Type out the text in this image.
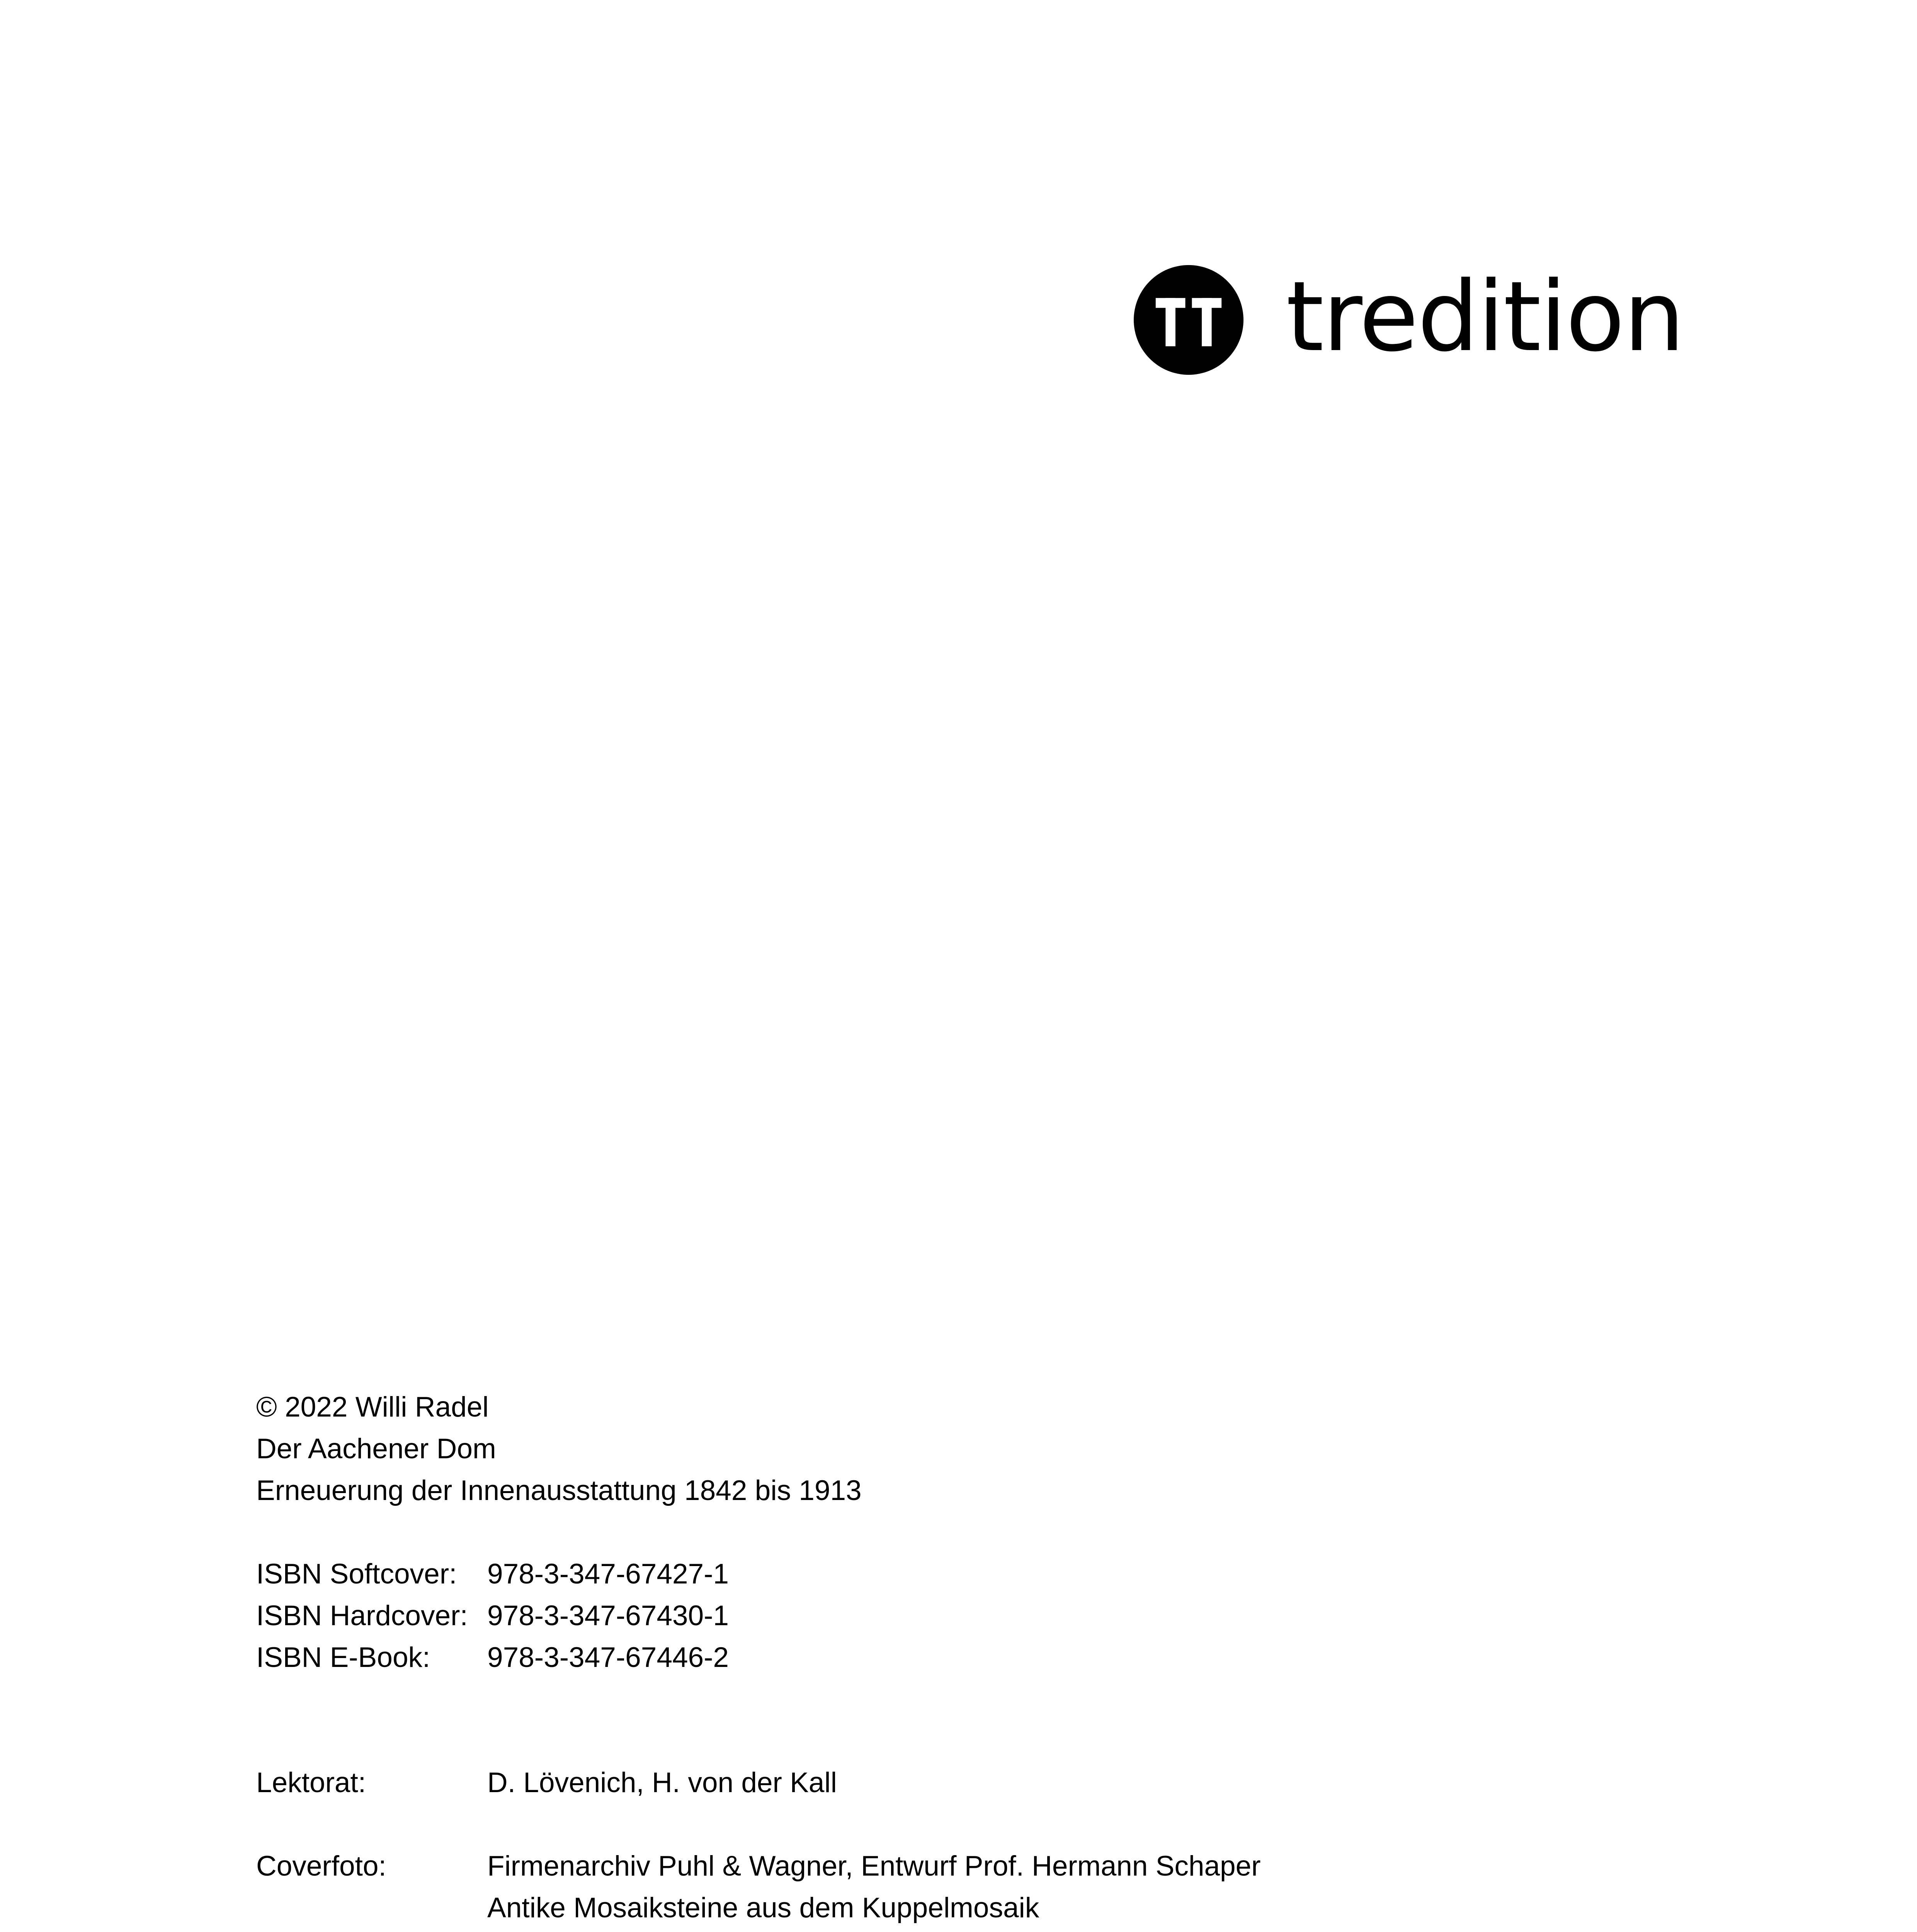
tredition
© 2022 Willi Radel
Der Aachener Dom
Erneuerung der Innenausstattung 1842 bis 1913
ISBN Softcover:	978-3-347-67427-1
ISBN Hardcover: 978-3-347-67430-1
ISBN E-Book:	978-3-347-67446-2
Lektorat:	D. Lövenich, H. von der Kall
Coverfoto:	Firmenarchiv Puhl & Wagner, Entwurf Prof. Hermann Schaper
Antike Mosaiksteine aus dem Kuppelmosaik
